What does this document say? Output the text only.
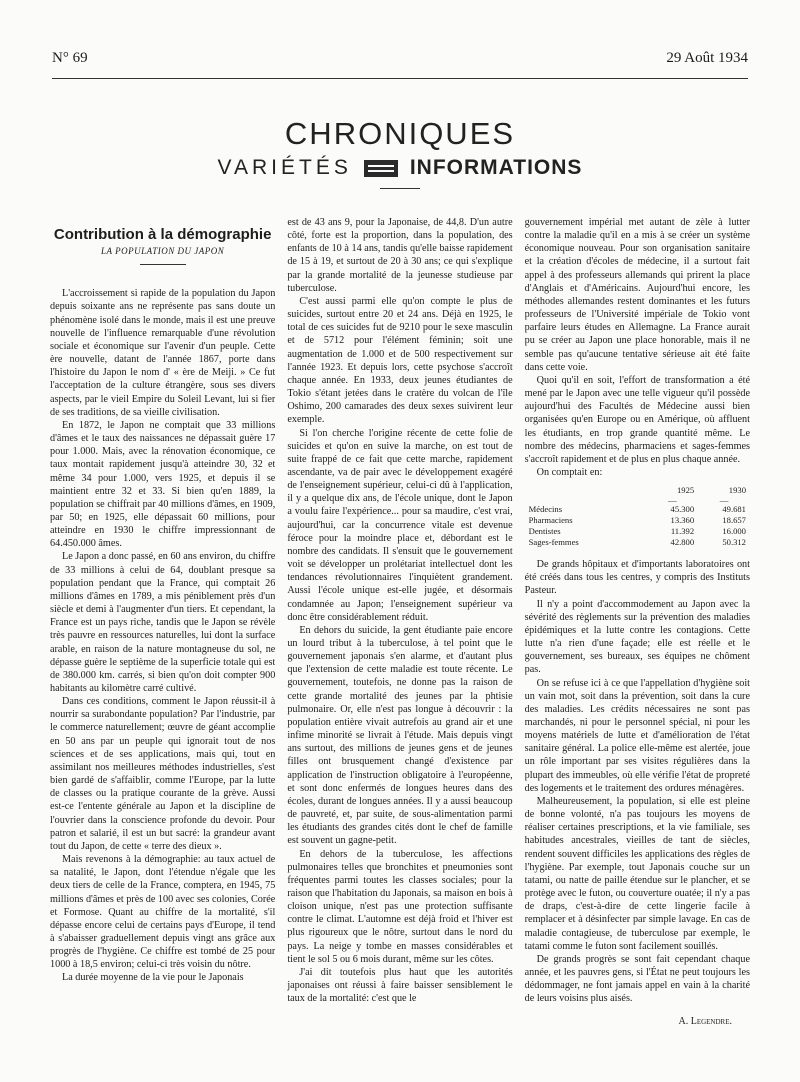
N° 69	29 Août 1934
CHRONIQUES
VARIÉTÉS	INFORMATIONS
Contribution à la démographie
LA POPULATION DU JAPON

L'accroissement si rapide de la population du Japon depuis soixante ans ne représente pas sans doute un phénomène isolé dans le monde, mais il est une preuve nouvelle de l'influence remarquable d'une révolution sociale et économique sur l'avenir d'un peuple. Cette ère nouvelle, datant de l'année 1867, porte dans l'histoire du Japon le nom d' « ère de Meiji. » Ce fut l'acceptation de la culture étrangère, sous ses divers aspects, par le vieil Empire du Soleil Levant, lui si fier de ses traditions, de sa vieille civilisation.

En 1872, le Japon ne comptait que 33 millions d'âmes et le taux des naissances ne dépassait guère 17 pour 1.000. Mais, avec la rénovation économique, ce taux montait rapidement jusqu'à atteindre 30, 32 et même 34 pour 1.000, vers 1925, et depuis il se maintient entre 32 et 33. Si bien qu'en 1889, la population se chiffrait par 40 millions d'âmes, en 1909, par 50; en 1925, elle dépassait 60 millions, pour atteindre en 1930 le chiffre impressionnant de 64.450.000 âmes.

Le Japon a donc passé, en 60 ans environ, du chiffre de 33 millions à celui de 64, doublant presque sa population pendant que la France, qui comptait 26 millions d'âmes en 1789, a mis péniblement près d'un siècle et demi à l'augmenter d'un tiers. Et cependant, la France est un pays riche, tandis que le Japon se révèle très pauvre en ressources naturelles, lui dont la surface arable, en raison de la nature montagneuse du sol, ne dépasse guère le septième de la superficie totale qui est de 380.000 km. carrés, si bien qu'on doit compter 900 habitants au kilomètre carré cultivé.

Dans ces conditions, comment le Japon réussit-il à nourrir sa surabondante population? Par l'industrie, par le commerce naturellement; œuvre de géant accomplie en 50 ans par un peuple qui ignorait tout de nos sciences et de ses applications, mais qui, tout en assimilant nos meilleures méthodes industrielles, s'est bien gardé de s'affaiblir, comme l'Europe, par la lutte de classes ou la pratique courante de la grève. Aussi est-ce l'entente générale au Japon et la discipline de l'ouvrier dans la conscience profonde du devoir. Pour patron et salarié, il est un but sacré: la grandeur avant tout du Japon, de cette « terre des dieux ».

Mais revenons à la démographie: au taux actuel de sa natalité, le Japon, dont l'étendue n'égale que les deux tiers de celle de la France, comptera, en 1945, 75 millions d'âmes et près de 100 avec ses colonies, Corée et Formose. Quant au chiffre de la mortalité, s'il dépasse encore celui de certains pays d'Europe, il tend à s'abaisser graduellement depuis vingt ans grâce aux progrès de l'hygiène. Ce chiffre est tombé de 25 pour 1000 à 18,5 environ; celui-ci très voisin du nôtre.

La durée moyenne de la vie pour le Japonais

est de 43 ans 9, pour la Japonaise, de 44,8. D'un autre côté, forte est la proportion, dans la population, des enfants de 10 à 14 ans, tandis qu'elle baisse rapidement de 15 à 19, et surtout de 20 à 30 ans; ce qui s'explique par la grande mortalité de la jeunesse studieuse par tuberculose.

C'est aussi parmi elle qu'on compte le plus de suicides, surtout entre 20 et 24 ans. Déjà en 1925, le total de ces suicides fut de 9210 pour le sexe masculin et de 5712 pour l'élément féminin; soit une augmentation de 1.000 et de 500 respectivement sur l'année 1923. Et depuis lors, cette psychose s'accroît chaque année. En 1933, deux jeunes étudiantes de Tokio s'étant jetées dans le cratère du volcan de l'île Oshimo, 200 camarades des deux sexes suivirent leur exemple.

Si l'on cherche l'origine récente de cette folie de suicides et qu'on en suive la marche, on est tout de suite frappé de ce fait que cette marche, rapidement ascendante, va de pair avec le développement exagéré de l'enseignement supérieur, celui-ci dû à l'application, il y a quelque dix ans, de l'école unique, dont le Japon a voulu faire l'expérience... pour sa maudire, c'est vrai, aujourd'hui, car la concurrence vitale est devenue féroce pour la moindre place et, débordant est le nombre des candidats. Il s'ensuit que le gouvernement voit se développer un prolétariat intellectuel dont les tendances révolutionnaires l'inquiètent grandement. Aussi l'école unique est-elle jugée, et désormais condamnée au Japon; l'enseignement supérieur va donc être considérablement réduit.

En dehors du suicide, la gent étudiante paie encore un lourd tribut à la tuberculose, à tel point que le gouvernement japonais s'en alarme, et d'autant plus que l'extension de cette maladie est toute récente. Le gouvernement, toutefois, ne donne pas la raison de cette grande mortalité des jeunes par la phtisie pulmonaire. Or, elle n'est pas longue à découvrir : la population entière vivait autrefois au grand air et une infime minorité se livrait à l'étude. Mais depuis vingt ans surtout, des millions de jeunes gens et de jeunes filles ont brusquement changé d'existence par application de l'instruction obligatoire à l'européenne, et sont donc enfermés de longues heures dans des écoles, durant de longues années. Il y a aussi beaucoup de pauvreté, et, par suite, de sous-alimentation parmi les étudiants des grandes cités dont le chef de famille est souvent un gagne-petit.

En dehors de la tuberculose, les affections pulmonaires telles que bronchites et pneumonies sont fréquentes parmi toutes les classes sociales; pour la raison que l'habitation du Japonais, sa maison en bois à cloison unique, n'est pas une protection suffisante contre le climat. L'automne est déjà froid et l'hiver est plus rigoureux que le nôtre, surtout dans le nord du pays. La neige y tombe en masses considérables et tient le sol 5 ou 6 mois durant, même sur les côtes.

J'ai dit toutefois plus haut que les autorités japonaises ont réussi à faire baisser sensiblement le taux de la mortalité: c'est que le

gouvernement impérial met autant de zèle à lutter contre la maladie qu'il en a mis à se créer un système économique nouveau. Pour son organisation sanitaire et la création d'écoles de médecine, il a surtout fait appel à des professeurs allemands qui prirent la place d'Anglais et d'Américains. Aujourd'hui encore, les méthodes allemandes restent dominantes et les futurs professeurs de l'Université impériale de Tokio vont parfaire leurs études en Allemagne. La France aurait pu se créer au Japon une place honorable, mais il ne semble pas qu'aucune tentative sérieuse ait été faite dans cette voie.

Quoi qu'il en soit, l'effort de transformation a été mené par le Japon avec une telle vigueur qu'il possède aujourd'hui des Facultés de Médecine aussi bien organisées qu'en Europe ou en Amérique, où affluent les étudiants, en trop grande quantité même. Le nombre des médecins, pharmaciens et sages-femmes s'accroît rapidement et de plus en plus chaque année.

On comptait en:

	1925	1930
	—	—
Médecins	45.300	49.681
Pharmaciens	13.360	18.657
Dentistes	11.392	16.000
Sages-femmes	42.800	50.312

De grands hôpitaux et d'importants laboratoires ont été créés dans tous les centres, y compris des Instituts Pasteur.

Il n'y a point d'accommodement au Japon avec la sévérité des règlements sur la prévention des maladies épidémiques et la lutte contre les contagions. Cette lutte n'a rien d'une façade; elle est réelle et le gouvernement, ses bureaux, ses équipes ne chôment pas.

On se refuse ici à ce que l'appellation d'hygiène soit un vain mot, soit dans la prévention, soit dans la cure des maladies. Les crédits nécessaires ne sont pas marchandés, ni pour le personnel spécial, ni pour les moyens matériels de lutte et d'amélioration de l'état sanitaire général. La police elle-même est alertée, joue un rôle important par ses visites régulières dans la plupart des immeubles, où elle vérifie l'état de propreté des logements et le traitement des ordures ménagères.

Malheureusement, la population, si elle est pleine de bonne volonté, n'a pas toujours les moyens de réaliser certaines prescriptions, et la vie familiale, ses habitudes ancestrales, vieilles de tant de siècles, rendent souvent difficiles les applications des règles de l'hygiène. Par exemple, tout Japonais couche sur un tatami, ou natte de paille étendue sur le plancher, et se protège avec le futon, ou couverture ouatée; il n'y a pas de draps, c'est-à-dire de cette lingerie facile à remplacer et à désinfecter par simple lavage. En cas de maladie contagieuse, de tuberculose par exemple, le tatami comme le futon sont facilement souillés.

De grands progrès se sont fait cependant chaque année, et les pauvres gens, si l'État ne peut toujours les dédommager, ne font jamais appel en vain à la charité de leurs voisins plus aisés.

A. Legendre.
